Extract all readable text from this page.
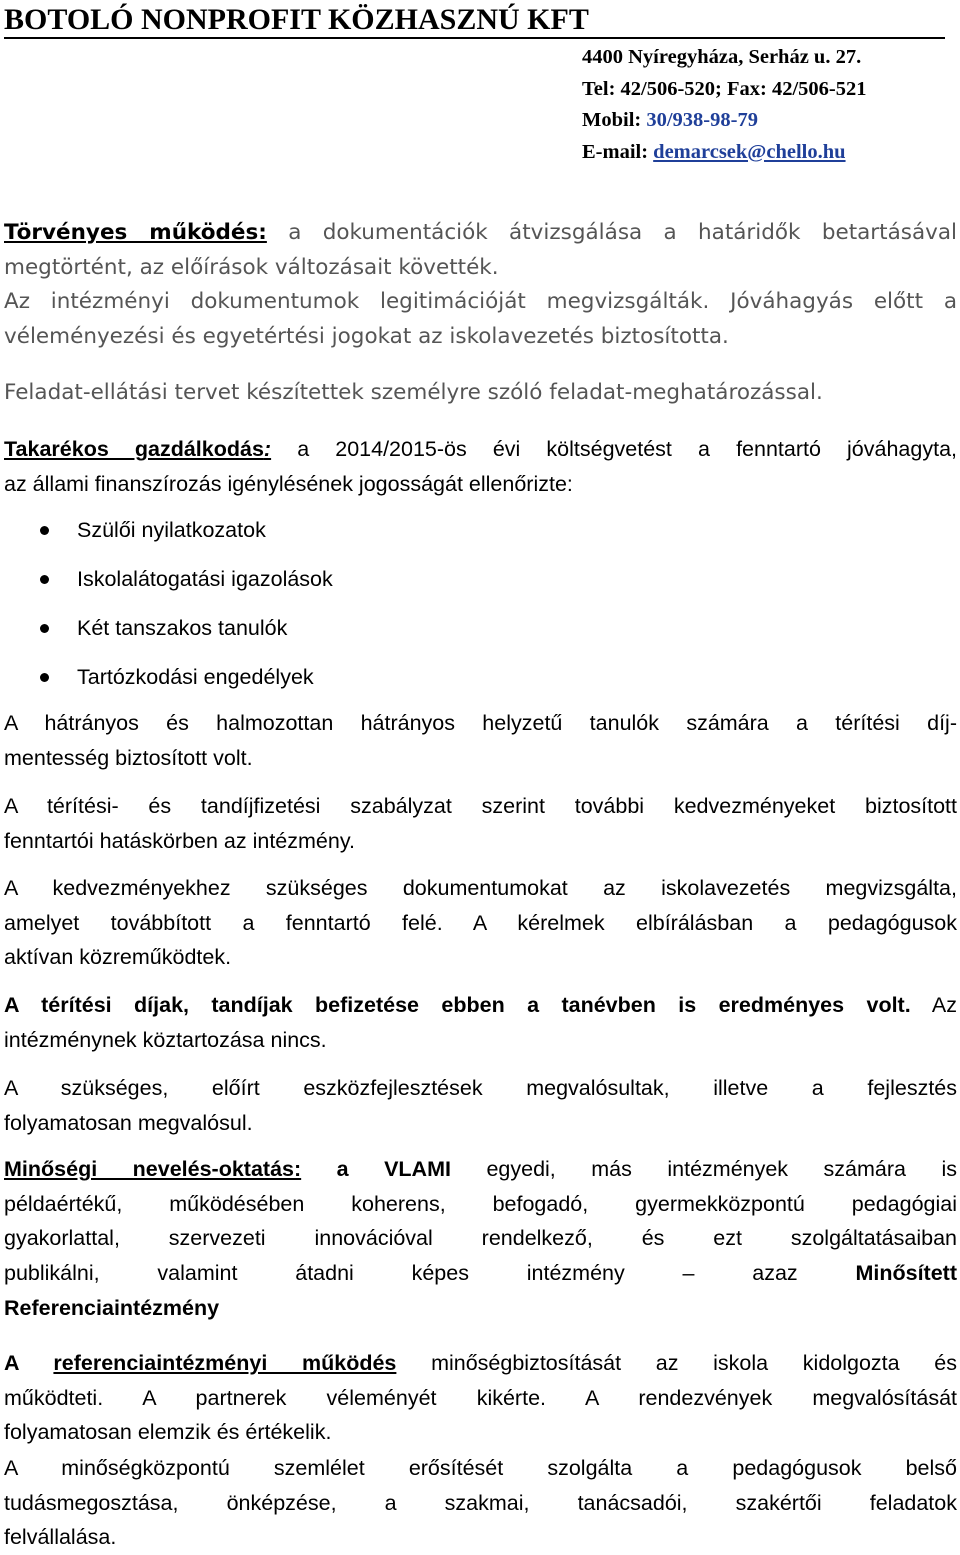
BOTOLÓ NONPROFIT KÖZHASZNÚ KFT
4400 Nyíregyháza, Serház u. 27.
Tel: 42/506-520; Fax: 42/506-521
Mobil: 30/938-98-79
E-mail: demarcsek@chello.hu
Törvényes működés: a dokumentációk átvizsgálása a határidők betartásával
megtörtént, az előírások változásait követték.
Az intézményi dokumentumok legitimációját megvizsgálták. Jóváhagyás előtt a
véleményezési és egyetértési jogokat az iskolavezetés biztosította.
Feladat-ellátási tervet készítettek személyre szóló feladat-meghatározással.
Takarékos gazdálkodás: a 2014/2015-ös évi költségvetést a fenntartó jóváhagyta,
az állami finanszírozás igénylésének jogosságát ellenőrizte:
Szülői nyilatkozatok
Iskolalátogatási igazolások
Két tanszakos tanulók
Tartózkodási engedélyek
A hátrányos és halmozottan hátrányos helyzetű tanulók számára a térítési díj-
mentesség biztosított volt.
A térítési- és tandíjfizetési szabályzat szerint további kedvezményeket biztosított
fenntartói hatáskörben az intézmény.
A kedvezményekhez szükséges dokumentumokat az iskolavezetés megvizsgálta,
amelyet továbbított a fenntartó felé. A kérelmek elbírálásban a pedagógusok
aktívan közreműködtek.
A térítési díjak, tandíjak befizetése ebben a tanévben is eredményes volt. Az
intézménynek köztartozása nincs.
A szükséges, előírt eszközfejlesztések megvalósultak, illetve a fejlesztés
folyamatosan megvalósul.
Minőségi nevelés-oktatás: a VLAMI egyedi, más intézmények számára is
példaértékű, működésében koherens, befogadó, gyermekközpontú pedagógiai
gyakorlattal, szervezeti innovációval rendelkező, és ezt szolgáltatásaiban
publikálni, valamint átadni képes intézmény – azaz Minősített
Referenciaintézmény
A referenciaintézményi működés minőségbiztosítását az iskola kidolgozta és
működteti. A partnerek véleményét kikérte. A rendezvények megvalósítását
folyamatosan elemzik és értékelik.
A minőségközpontú szemlélet erősítését szolgálta a pedagógusok belső
tudásmegosztása, önképzése, a szakmai, tanácsadói, szakértői feladatok
felvállalása.
